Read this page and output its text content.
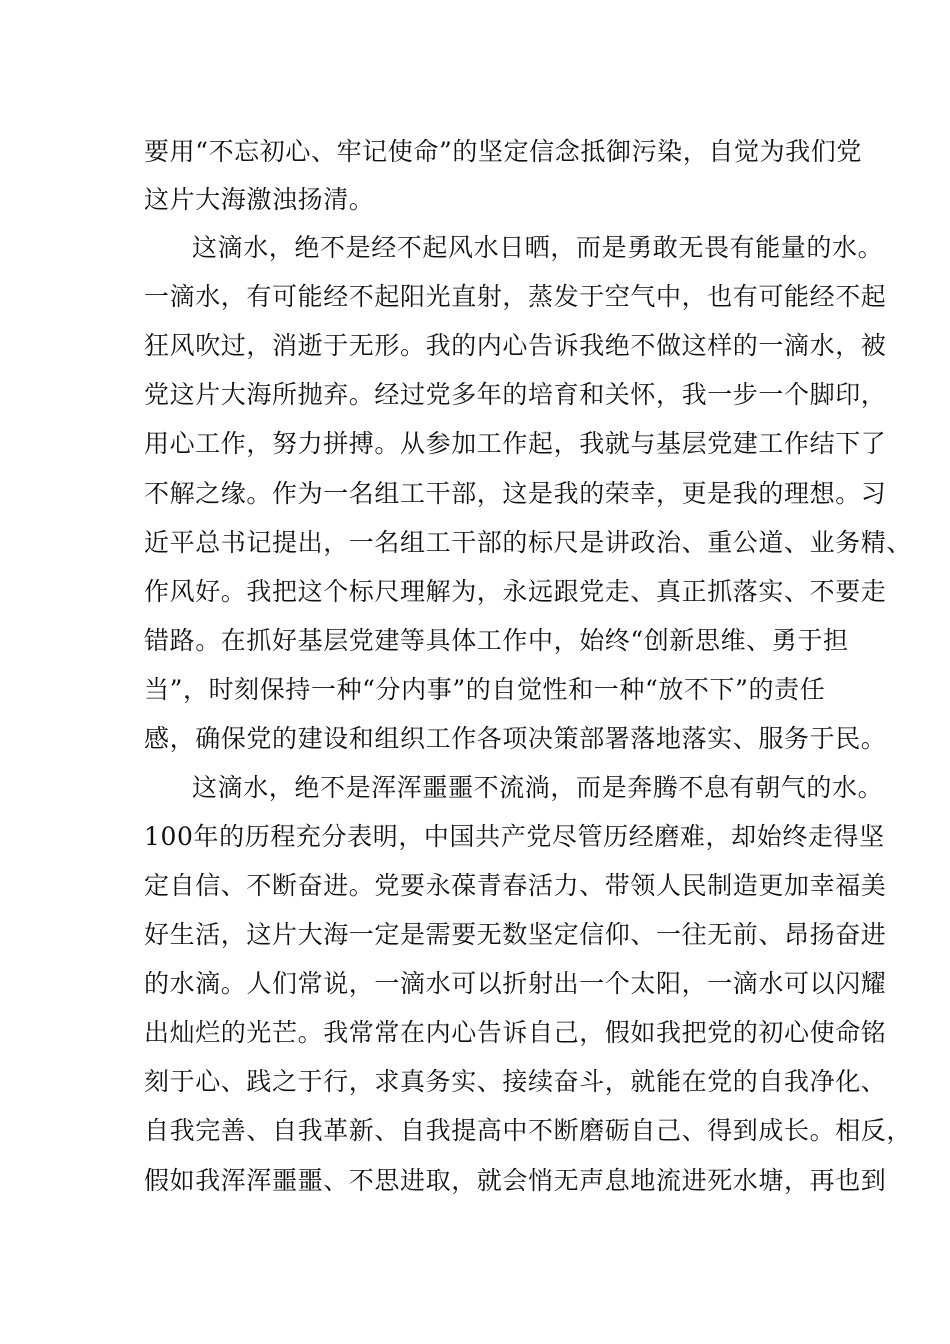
要用“不忘初心、牢记使命”的坚定信念抵御污染，自觉为我们党
这片大海激浊扬清。
这滴水，绝不是经不起风水日晒，而是勇敢无畏有能量的水。
一滴水，有可能经不起阳光直射，蒸发于空气中，也有可能经不起
狂风吹过，消逝于无形。我的内心告诉我绝不做这样的一滴水，被
党这片大海所抛弃。经过党多年的培育和关怀，我一步一个脚印，
用心工作，努力拼搏。从参加工作起，我就与基层党建工作结下了
不解之缘。作为一名组工干部，这是我的荣幸，更是我的理想。习
近平总书记提出，一名组工干部的标尺是讲政治、重公道、业务精、
作风好。我把这个标尺理解为，永远跟党走、真正抓落实、不要走
错路。在抓好基层党建等具体工作中，始终“创新思维、勇于担
当”，时刻保持一种“分内事”的自觉性和一种“放不下”的责任
感，确保党的建设和组织工作各项决策部署落地落实、服务于民。
这滴水，绝不是浑浑噩噩不流淌，而是奔腾不息有朝气的水。
100年的历程充分表明，中国共产党尽管历经磨难，却始终走得坚
定自信、不断奋进。党要永葆青春活力、带领人民制造更加幸福美
好生活，这片大海一定是需要无数坚定信仰、一往无前、昂扬奋进
的水滴。人们常说，一滴水可以折射出一个太阳，一滴水可以闪耀
出灿烂的光芒。我常常在内心告诉自己，假如我把党的初心使命铭
刻于心、践之于行，求真务实、接续奋斗，就能在党的自我净化、
自我完善、自我革新、自我提高中不断磨砺自己、得到成长。相反，
假如我浑浑噩噩、不思进取，就会悄无声息地流进死水塘，再也到
